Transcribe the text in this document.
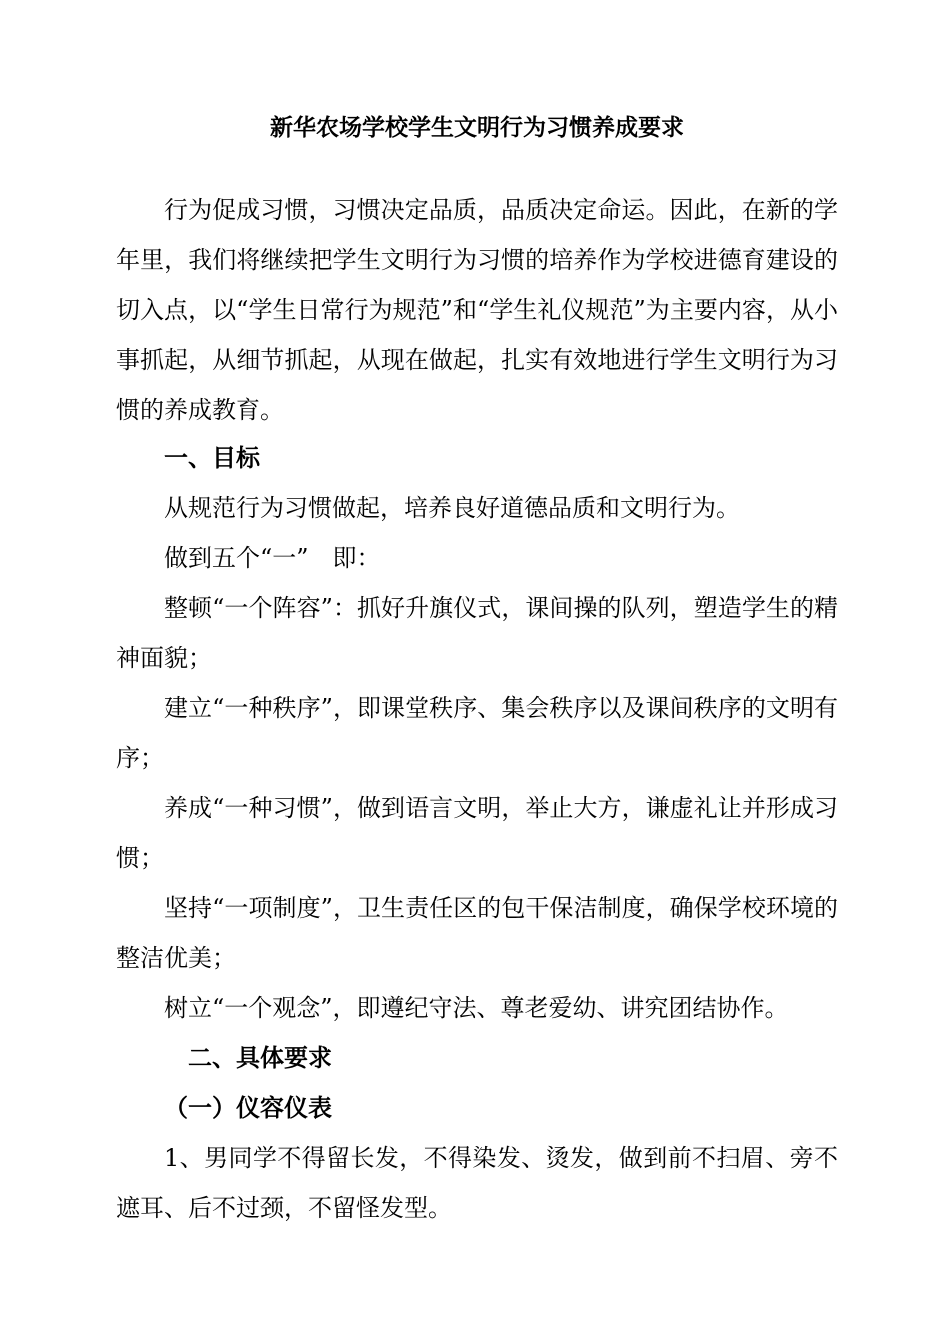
新华农场学校学生文明行为习惯养成要求
行为促成习惯，习惯决定品质，品质决定命运。因此，在新的学年里，我们将继续把学生文明行为习惯的培养作为学校进德育建设的切入点，以“学生日常行为规范”和“学生礼仪规范”为主要内容，从小事抓起，从细节抓起，从现在做起，扎实有效地进行学生文明行为习惯的养成教育。
一、目标
从规范行为习惯做起，培养良好道德品质和文明行为。
做到五个“一”　即：
整顿“一个阵容”：抓好升旗仪式，课间操的队列，塑造学生的精神面貌；
建立“一种秩序”，即课堂秩序、集会秩序以及课间秩序的文明有序；
养成“一种习惯”，做到语言文明，举止大方，谦虚礼让并形成习惯；
坚持“一项制度”，卫生责任区的包干保洁制度，确保学校环境的整洁优美；
树立“一个观念”，即遵纪守法、尊老爱幼、讲究团结协作。
二、具体要求
（一）仪容仪表
1、男同学不得留长发，不得染发、烫发，做到前不扫眉、旁不遮耳、后不过颈，不留怪发型。
